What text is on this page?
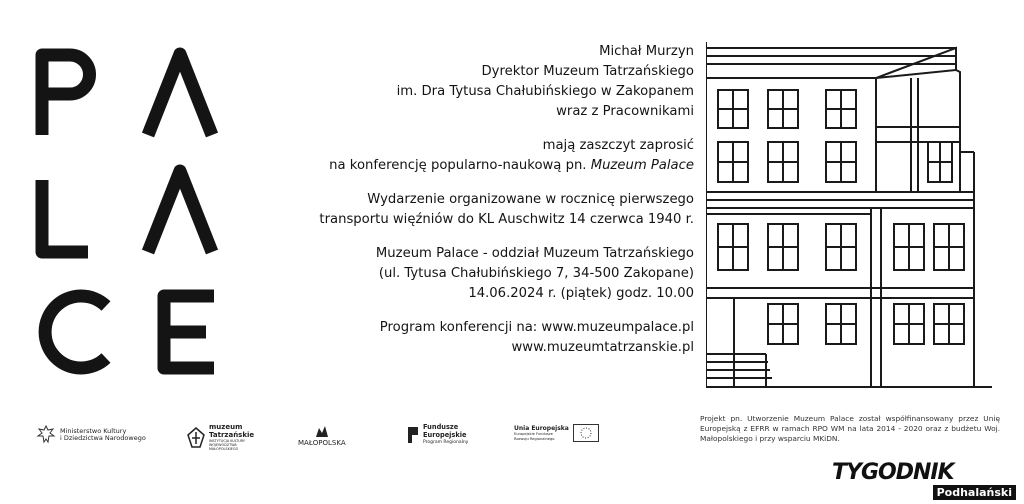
Michał Murzyn

Dyrektor Muzeum Tatrzańskiego

im. Dra Tytusa Chałubińskiego w Zakopanem

wraz z Pracownikami

mają zaszczyt zaprosić

na konferencję popularno-naukową pn. Muzeum Palace

Wydarzenie organizowane w rocznicę pierwszego

transportu więźniów do KL Auschwitz 14 czerwca 1940 r.

Muzeum Palace - oddział Muzeum Tatrzańskiego

(ul. Tytusa Chałubińskiego 7, 34-500 Zakopane)

14.06.2024 r. (piątek) godz. 10.00

Program konferencji na: www.muzeumpalace.pl

www.muzeumtatrzanskie.pl

Projekt pn. Utworzenie Muzeum Palace został współfinansowany przez Unię Europejską z EFRR w ramach RPO WM na lata 2014 - 2020 oraz z budżetu Woj. Małopolskiego i przy wsparciu MKiDN.
Ministerstwo Kultury
i Dziedzictwa Narodowego
muzeum
Tatrzańskie
INSTYTUCJA KULTURY WOJEWÓDZTWA MAŁOPOLSKIEGO
MAŁOPOLSKA
Fundusze
Europejskie
Program Regionalny
Unia Europejska
Europejskie Fundusze
Rozwoju Regionalnego
TYGODNIK
Podhalański
